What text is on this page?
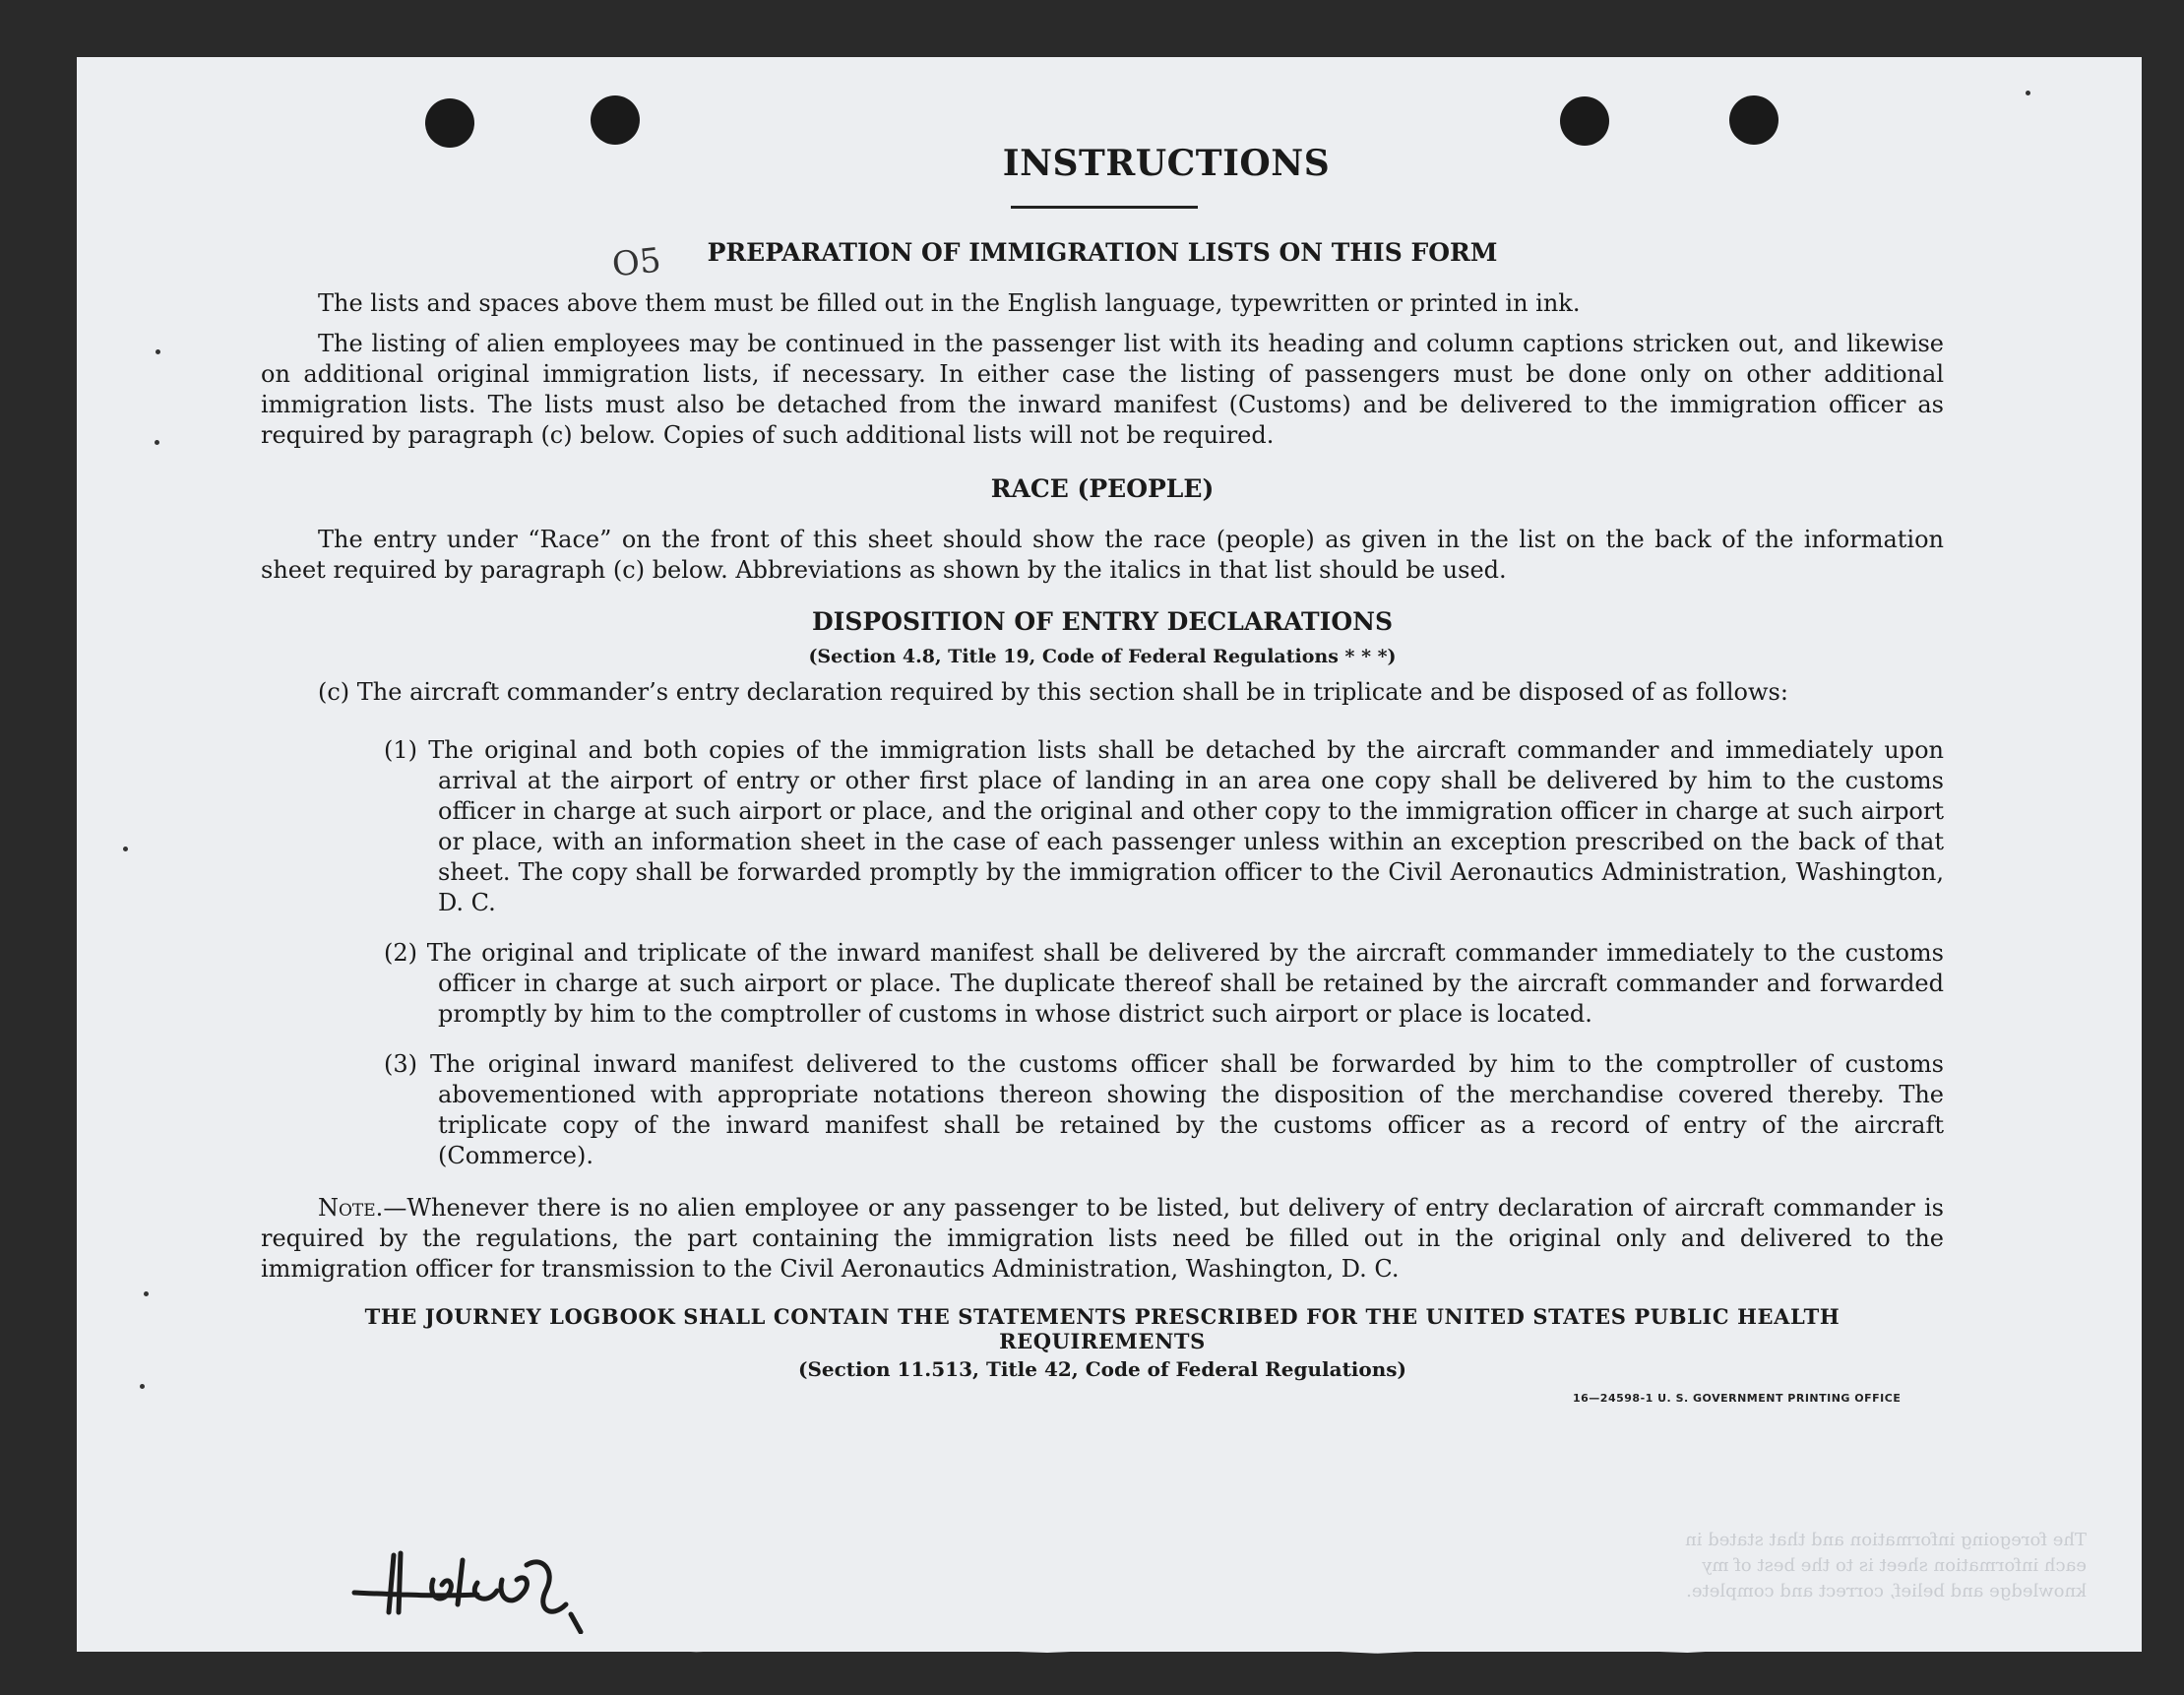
O5
INSTRUCTIONS
PREPARATION OF IMMIGRATION LISTS ON THIS FORM

The lists and spaces above them must be filled out in the English language, typewritten or printed in ink.

The listing of alien employees may be continued in the passenger list with its heading and column captions stricken out, and likewise on additional original immigration lists, if necessary. In either case the listing of passengers must be done only on other additional immigration lists. The lists must also be detached from the inward manifest (Customs) and be delivered to the immigration officer as required by paragraph (c) below. Copies of such additional lists will not be required.

RACE (PEOPLE)

The entry under “Race” on the front of this sheet should show the race (people) as given in the list on the back of the information sheet required by paragraph (c) below. Abbreviations as shown by the italics in that list should be used.

DISPOSITION OF ENTRY DECLARATIONS
(Section 4.8, Title 19, Code of Federal Regulations * * *)

(c) The aircraft commander’s entry declaration required by this section shall be in triplicate and be disposed of as follows:

(1) The original and both copies of the immigration lists shall be detached by the aircraft commander and immediately upon arrival at the airport of entry or other first place of landing in an area one copy shall be delivered by him to the customs officer in charge at such airport or place, and the original and other copy to the immigration officer in charge at such airport or place, with an information sheet in the case of each passenger unless within an exception prescribed on the back of that sheet. The copy shall be forwarded promptly by the immigration officer to the Civil Aeronautics Administration, Washington, D. C.

(2) The original and triplicate of the inward manifest shall be delivered by the aircraft commander immediately to the customs officer in charge at such airport or place. The duplicate thereof shall be retained by the aircraft commander and forwarded promptly by him to the comptroller of customs in whose district such airport or place is located.

(3) The original inward manifest delivered to the customs officer shall be forwarded by him to the comptroller of customs abovementioned with appropriate notations thereon showing the disposition of the merchandise covered thereby. The triplicate copy of the inward manifest shall be retained by the customs officer as a record of entry of the aircraft (Commerce).

Note.—Whenever there is no alien employee or any passenger to be listed, but delivery of entry declaration of aircraft commander is required by the regulations, the part containing the immigration lists need be filled out in the original only and delivered to the immigration officer for transmission to the Civil Aeronautics Administration, Washington, D. C.

THE JOURNEY LOGBOOK SHALL CONTAIN THE STATEMENTS PRESCRIBED FOR THE UNITED STATES PUBLIC HEALTH REQUIREMENTS
(Section 11.513, Title 42, Code of Federal Regulations)
16—24598-1 U. S. GOVERNMENT PRINTING OFFICE
The foregoing information and that stated in each information sheet is to the best of my knowledge and belief, correct and complete.
